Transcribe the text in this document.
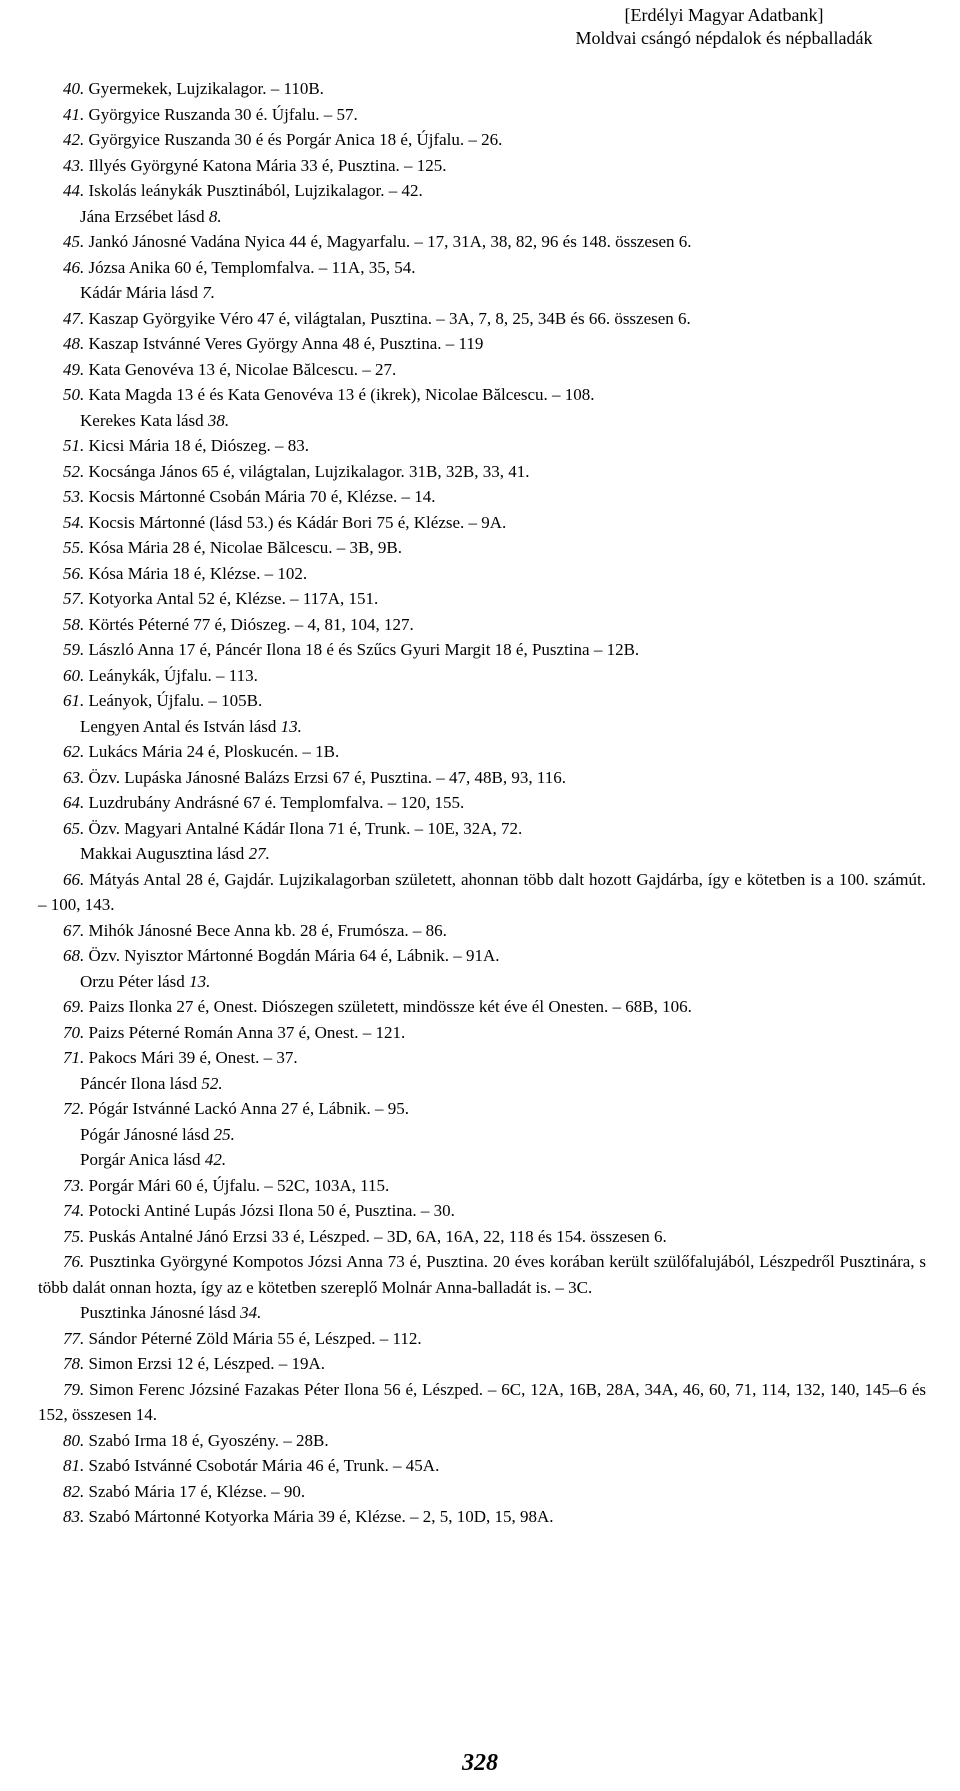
[Erdélyi Magyar Adatbank]
Moldvai csángó népdalok és népballadák

40. Gyermekek, Lujzikalagor. – 110B.

41. Györgyice Ruszanda 30 é. Újfalu. – 57.

42. Györgyice Ruszanda 30 é és Porgár Anica 18 é, Újfalu. – 26.

43. Illyés Györgyné Katona Mária 33 é, Pusztina. – 125.

44. Iskolás leánykák Pusztinából, Lujzikalagor. – 42.

Jána Erzsébet lásd 8.

45. Jankó Jánosné Vadána Nyica 44 é, Magyarfalu. – 17, 31A, 38, 82, 96 és 148. összesen 6.

46. Józsa Anika 60 é, Templomfalva. – 11A, 35, 54.

Kádár Mária lásd 7.

47. Kaszap Györgyike Véro 47 é, világtalan, Pusztina. – 3A, 7, 8, 25, 34B és 66. összesen 6.

48. Kaszap Istvánné Veres György Anna 48 é, Pusztina. – 119

49. Kata Genovéva 13 é, Nicolae Bălcescu. – 27.

50. Kata Magda 13 é és Kata Genovéva 13 é (ikrek), Nicolae Bălcescu. – 108.

Kerekes Kata lásd 38.

51. Kicsi Mária 18 é, Diószeg. – 83.

52. Kocsánga János 65 é, világtalan, Lujzikalagor. 31B, 32B, 33, 41.

53. Kocsis Mártonné Csobán Mária 70 é, Klézse. – 14.

54. Kocsis Mártonné (lásd 53.) és Kádár Bori 75 é, Klézse. – 9A.

55. Kósa Mária 28 é, Nicolae Bălcescu. – 3B, 9B.

56. Kósa Mária 18 é, Klézse. – 102.

57. Kotyorka Antal 52 é, Klézse. – 117A, 151.

58. Körtés Péterné 77 é, Diószeg. – 4, 81, 104, 127.

59. László Anna 17 é, Páncér Ilona 18 é és Szűcs Gyuri Margit 18 é, Pusztina – 12B.

60. Leánykák, Újfalu. – 113.

61. Leányok, Újfalu. – 105B.

Lengyen Antal és István lásd 13.

62. Lukács Mária 24 é, Ploskucén. – 1B.

63. Özv. Lupáska Jánosné Balázs Erzsi 67 é, Pusztina. – 47, 48B, 93, 116.

64. Luzdrubány Andrásné 67 é. Templomfalva. – 120, 155.

65. Özv. Magyari Antalné Kádár Ilona 71 é, Trunk. – 10E, 32A, 72.

Makkai Augusztina lásd 27.

66. Mátyás Antal 28 é, Gajdár. Lujzikalagorban született, ahonnan több dalt hozott Gajdárba, így e kötetben is a 100. számút. – 100, 143.

67. Mihók Jánosné Bece Anna kb. 28 é, Frumósza. – 86.

68. Özv. Nyisztor Mártonné Bogdán Mária 64 é, Lábnik. – 91A.

Orzu Péter lásd 13.

69. Paizs Ilonka 27 é, Onest. Diószegen született, mindössze két éve él Onesten. – 68B, 106.

70. Paizs Péterné Román Anna 37 é, Onest. – 121.

71. Pakocs Mári 39 é, Onest. – 37.

Páncér Ilona lásd 52.

72. Pógár Istvánné Lackó Anna 27 é, Lábnik. – 95.

Pógár Jánosné lásd 25.

Porgár Anica lásd 42.

73. Porgár Mári 60 é, Újfalu. – 52C, 103A, 115.

74. Potocki Antiné Lupás Józsi Ilona 50 é, Pusztina. – 30.

75. Puskás Antalné Jánó Erzsi 33 é, Lészped. – 3D, 6A, 16A, 22, 118 és 154. összesen 6.

76. Pusztinka Györgyné Kompotos Józsi Anna 73 é, Pusztina. 20 éves korában került szülőfalujából, Lészpedről Pusztinára, s több dalát onnan hozta, így az e kötetben szereplő Molnár Anna-balladát is. – 3C.

Pusztinka Jánosné lásd 34.

77. Sándor Péterné Zöld Mária 55 é, Lészped. – 112.

78. Simon Erzsi 12 é, Lészped. – 19A.

79. Simon Ferenc Józsiné Fazakas Péter Ilona 56 é, Lészped. – 6C, 12A, 16B, 28A, 34A, 46, 60, 71, 114, 132, 140, 145–6 és 152, összesen 14.

80. Szabó Irma 18 é, Gyoszény. – 28B.

81. Szabó Istvánné Csobotár Mária 46 é, Trunk. – 45A.

82. Szabó Mária 17 é, Klézse. – 90.

83. Szabó Mártonné Kotyorka Mária 39 é, Klézse. – 2, 5, 10D, 15, 98A.

328
